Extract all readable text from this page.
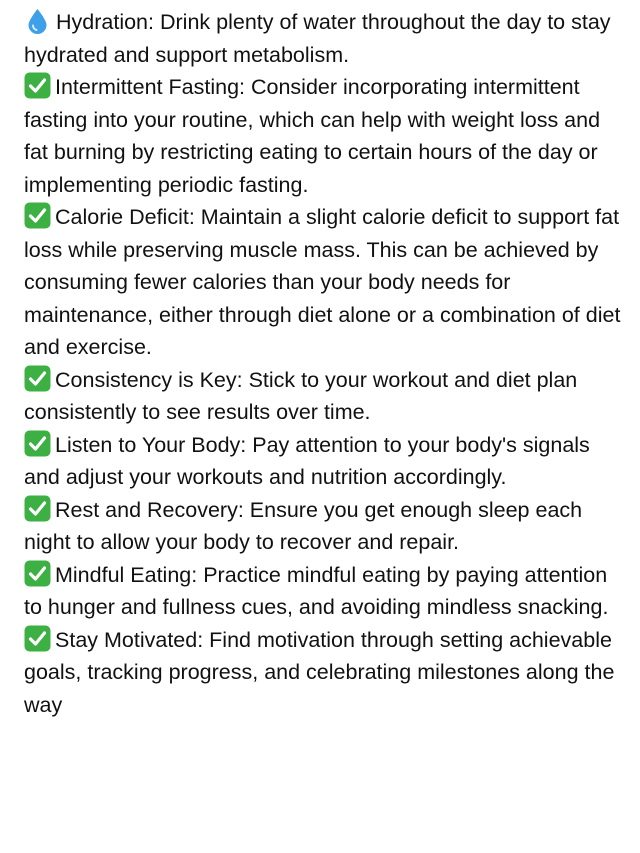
Hydration: Drink plenty of water throughout the day to stay hydrated and support metabolism.

Intermittent Fasting: Consider incorporating intermittent fasting into your routine, which can help with weight loss and fat burning by restricting eating to certain hours of the day or implementing periodic fasting.

Calorie Deficit: Maintain a slight calorie deficit to support fat loss while preserving muscle mass. This can be achieved by consuming fewer calories than your body needs for maintenance, either through diet alone or a combination of diet and exercise.

Consistency is Key: Stick to your workout and diet plan consistently to see results over time.

Listen to Your Body: Pay attention to your body's signals and adjust your workouts and nutrition accordingly.

Rest and Recovery: Ensure you get enough sleep each night to allow your body to recover and repair.

Mindful Eating: Practice mindful eating by paying attention to hunger and fullness cues, and avoiding mindless snacking.

Stay Motivated: Find motivation through setting achievable goals, tracking progress, and celebrating milestones along the way
